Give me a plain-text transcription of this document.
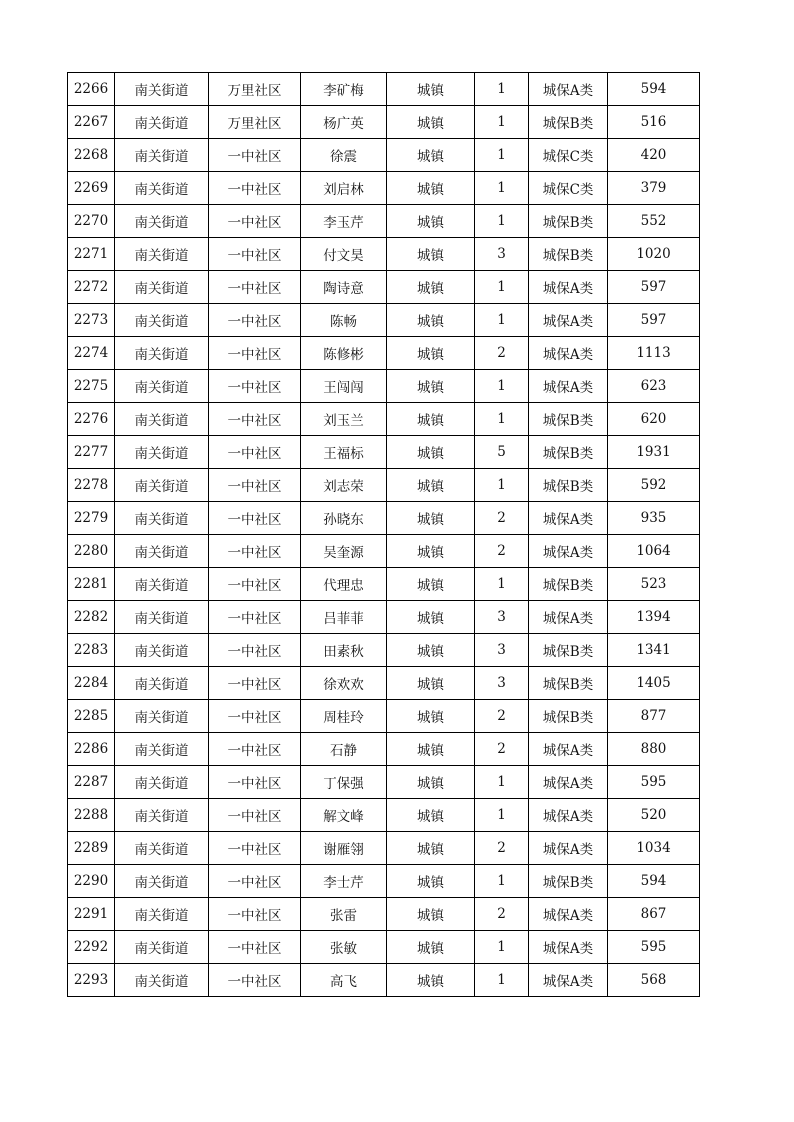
2266	南关街道	万里社区	李矿梅	城镇	1	城保A类	594
2267	南关街道	万里社区	杨广英	城镇	1	城保B类	516
2268	南关街道	一中社区	徐震	城镇	1	城保C类	420
2269	南关街道	一中社区	刘启林	城镇	1	城保C类	379
2270	南关街道	一中社区	李玉芹	城镇	1	城保B类	552
2271	南关街道	一中社区	付文昊	城镇	3	城保B类	1020
2272	南关街道	一中社区	陶诗意	城镇	1	城保A类	597
2273	南关街道	一中社区	陈畅	城镇	1	城保A类	597
2274	南关街道	一中社区	陈修彬	城镇	2	城保A类	1113
2275	南关街道	一中社区	王闯闯	城镇	1	城保A类	623
2276	南关街道	一中社区	刘玉兰	城镇	1	城保B类	620
2277	南关街道	一中社区	王福标	城镇	5	城保B类	1931
2278	南关街道	一中社区	刘志荣	城镇	1	城保B类	592
2279	南关街道	一中社区	孙晓东	城镇	2	城保A类	935
2280	南关街道	一中社区	吴奎源	城镇	2	城保A类	1064
2281	南关街道	一中社区	代理忠	城镇	1	城保B类	523
2282	南关街道	一中社区	吕菲菲	城镇	3	城保A类	1394
2283	南关街道	一中社区	田素秋	城镇	3	城保B类	1341
2284	南关街道	一中社区	徐欢欢	城镇	3	城保B类	1405
2285	南关街道	一中社区	周桂玲	城镇	2	城保B类	877
2286	南关街道	一中社区	石静	城镇	2	城保A类	880
2287	南关街道	一中社区	丁保强	城镇	1	城保A类	595
2288	南关街道	一中社区	解文峰	城镇	1	城保A类	520
2289	南关街道	一中社区	谢雁翎	城镇	2	城保A类	1034
2290	南关街道	一中社区	李士芹	城镇	1	城保B类	594
2291	南关街道	一中社区	张雷	城镇	2	城保A类	867
2292	南关街道	一中社区	张敏	城镇	1	城保A类	595
2293	南关街道	一中社区	高飞	城镇	1	城保A类	568
